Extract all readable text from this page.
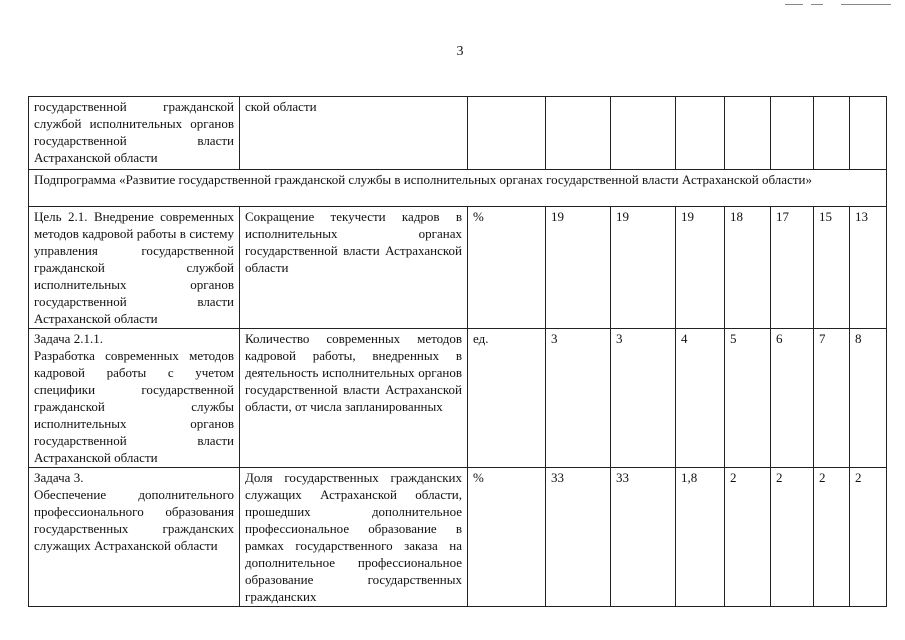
3
государственной гражданской службой исполнительных органов государственной власти Астраханской области	ской области								
Подпрограмма «Развитие государственной гражданской службы в исполнительных органах государственной власти Астраханской области»									
Цель 2.1. Внедрение современных методов кадровой работы в систему управления государственной гражданской службой исполнительных органов государственной власти Астраханской области	Сокращение текучести кадров в исполнительных органах государственной власти Астраханской области	%	19	19	19	18	17	15	13
Задача 2.1.1.
Разработка современных методов кадровой работы с учетом специфики государственной гражданской службы исполнительных органов государственной власти Астраханской области	Количество современных методов кадровой работы, внедренных в деятельность исполнительных органов государственной власти Астраханской области, от числа запланированных	ед.	3	3	4	5	6	7	8
Задача 3.
Обеспечение дополнительного профессионального образования государственных гражданских служащих Астраханской области	Доля государственных гражданских служащих Астраханской области, прошедших дополнительное профессиональное образование в рамках государственного заказа на дополнительное профессиональное образование государственных гражданских	%	33	33	1,8	2	2	2	2
